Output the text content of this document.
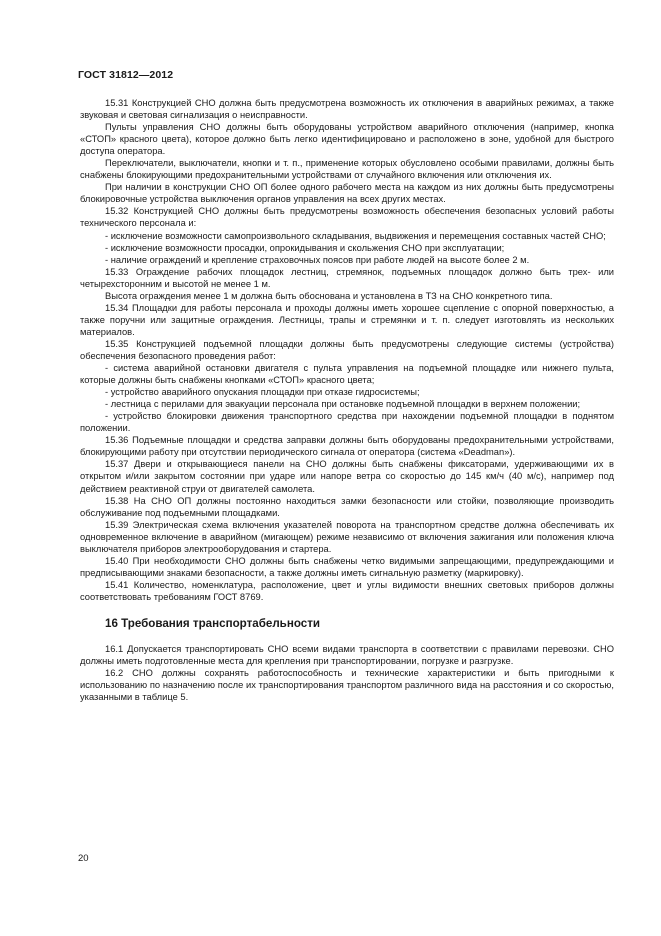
ГОСТ 31812—2012

15.31 Конструкцией СНО должна быть предусмотрена возможность их отключения в аварийных режимах, а также звуковая и световая сигнализация о неисправности.

Пульты управления СНО должны быть оборудованы устройством аварийного отключения (например, кнопка «СТОП» красного цвета), которое должно быть легко идентифицировано и расположено в зоне, удобной для быстрого доступа оператора.

Переключатели, выключатели, кнопки и т. п., применение которых обусловлено особыми правилами, должны быть снабжены блокирующими предохранительными устройствами от случайного включения или отключения их.

При наличии в конструкции СНО ОП более одного рабочего места на каждом из них должны быть предусмотрены блокировочные устройства выключения органов управления на всех других местах.

15.32 Конструкцией СНО должны быть предусмотрены возможность обеспечения безопасных условий работы технического персонала и:

- исключение возможности самопроизвольного складывания, выдвижения и перемещения составных частей СНО;

- исключение возможности просадки, опрокидывания и скольжения СНО при эксплуатации;

- наличие ограждений и крепление страховочных поясов при работе людей на высоте более 2 м.

15.33 Ограждение рабочих площадок лестниц, стремянок, подъемных площадок должно быть трех- или четырехсторонним и высотой не менее 1 м.

Высота ограждения менее 1 м должна быть обоснована и установлена в ТЗ на СНО конкретного типа.

15.34 Площадки для работы персонала и проходы должны иметь хорошее сцепление с опорной поверхностью, а также поручни или защитные ограждения. Лестницы, трапы и стремянки и т. п. следует изготовлять из нескольких материалов.

15.35 Конструкцией подъемной площадки должны быть предусмотрены следующие системы (устройства) обеспечения безопасного проведения работ:

- система аварийной остановки двигателя с пульта управления на подъемной площадке или нижнего пульта, которые должны быть снабжены кнопками «СТОП» красного цвета;

- устройство аварийного опускания площадки при отказе гидросистемы;

- лестница с перилами для эвакуации персонала при остановке подъемной площадки в верхнем положении;

- устройство блокировки движения транспортного средства при нахождении подъемной площадки в поднятом положении.

15.36 Подъемные площадки и средства заправки должны быть оборудованы предохранительными устройствами, блокирующими работу при отсутствии периодического сигнала от оператора (система «Deadman»).

15.37 Двери и открывающиеся панели на СНО должны быть снабжены фиксаторами, удерживающими их в открытом и/или закрытом состоянии при ударе или напоре ветра со скоростью до 145 км/ч (40 м/с), например под действием реактивной струи от двигателей самолета.

15.38 На СНО ОП должны постоянно находиться замки безопасности или стойки, позволяющие производить обслуживание под подъемными площадками.

15.39 Электрическая схема включения указателей поворота на транспортном средстве должна обеспечивать их одновременное включение в аварийном (мигающем) режиме независимо от включения зажигания или положения ключа выключателя приборов электрооборудования и стартера.

15.40 При необходимости СНО должны быть снабжены четко видимыми запрещающими, предупреждающими и предписывающими знаками безопасности, а также должны иметь сигнальную разметку (маркировку).

15.41 Количество, номенклатура, расположение, цвет и углы видимости внешних световых приборов должны соответствовать требованиям ГОСТ 8769.

16 Требования транспортабельности

16.1 Допускается транспортировать СНО всеми видами транспорта в соответствии с правилами перевозки. СНО должны иметь подготовленные места для крепления при транспортировании, погрузке и разгрузке.

16.2 СНО должны сохранять работоспособность и технические характеристики и быть пригодными к использованию по назначению после их транспортирования транспортом различного вида на расстояния и со скоростью, указанными в таблице 5.

20
